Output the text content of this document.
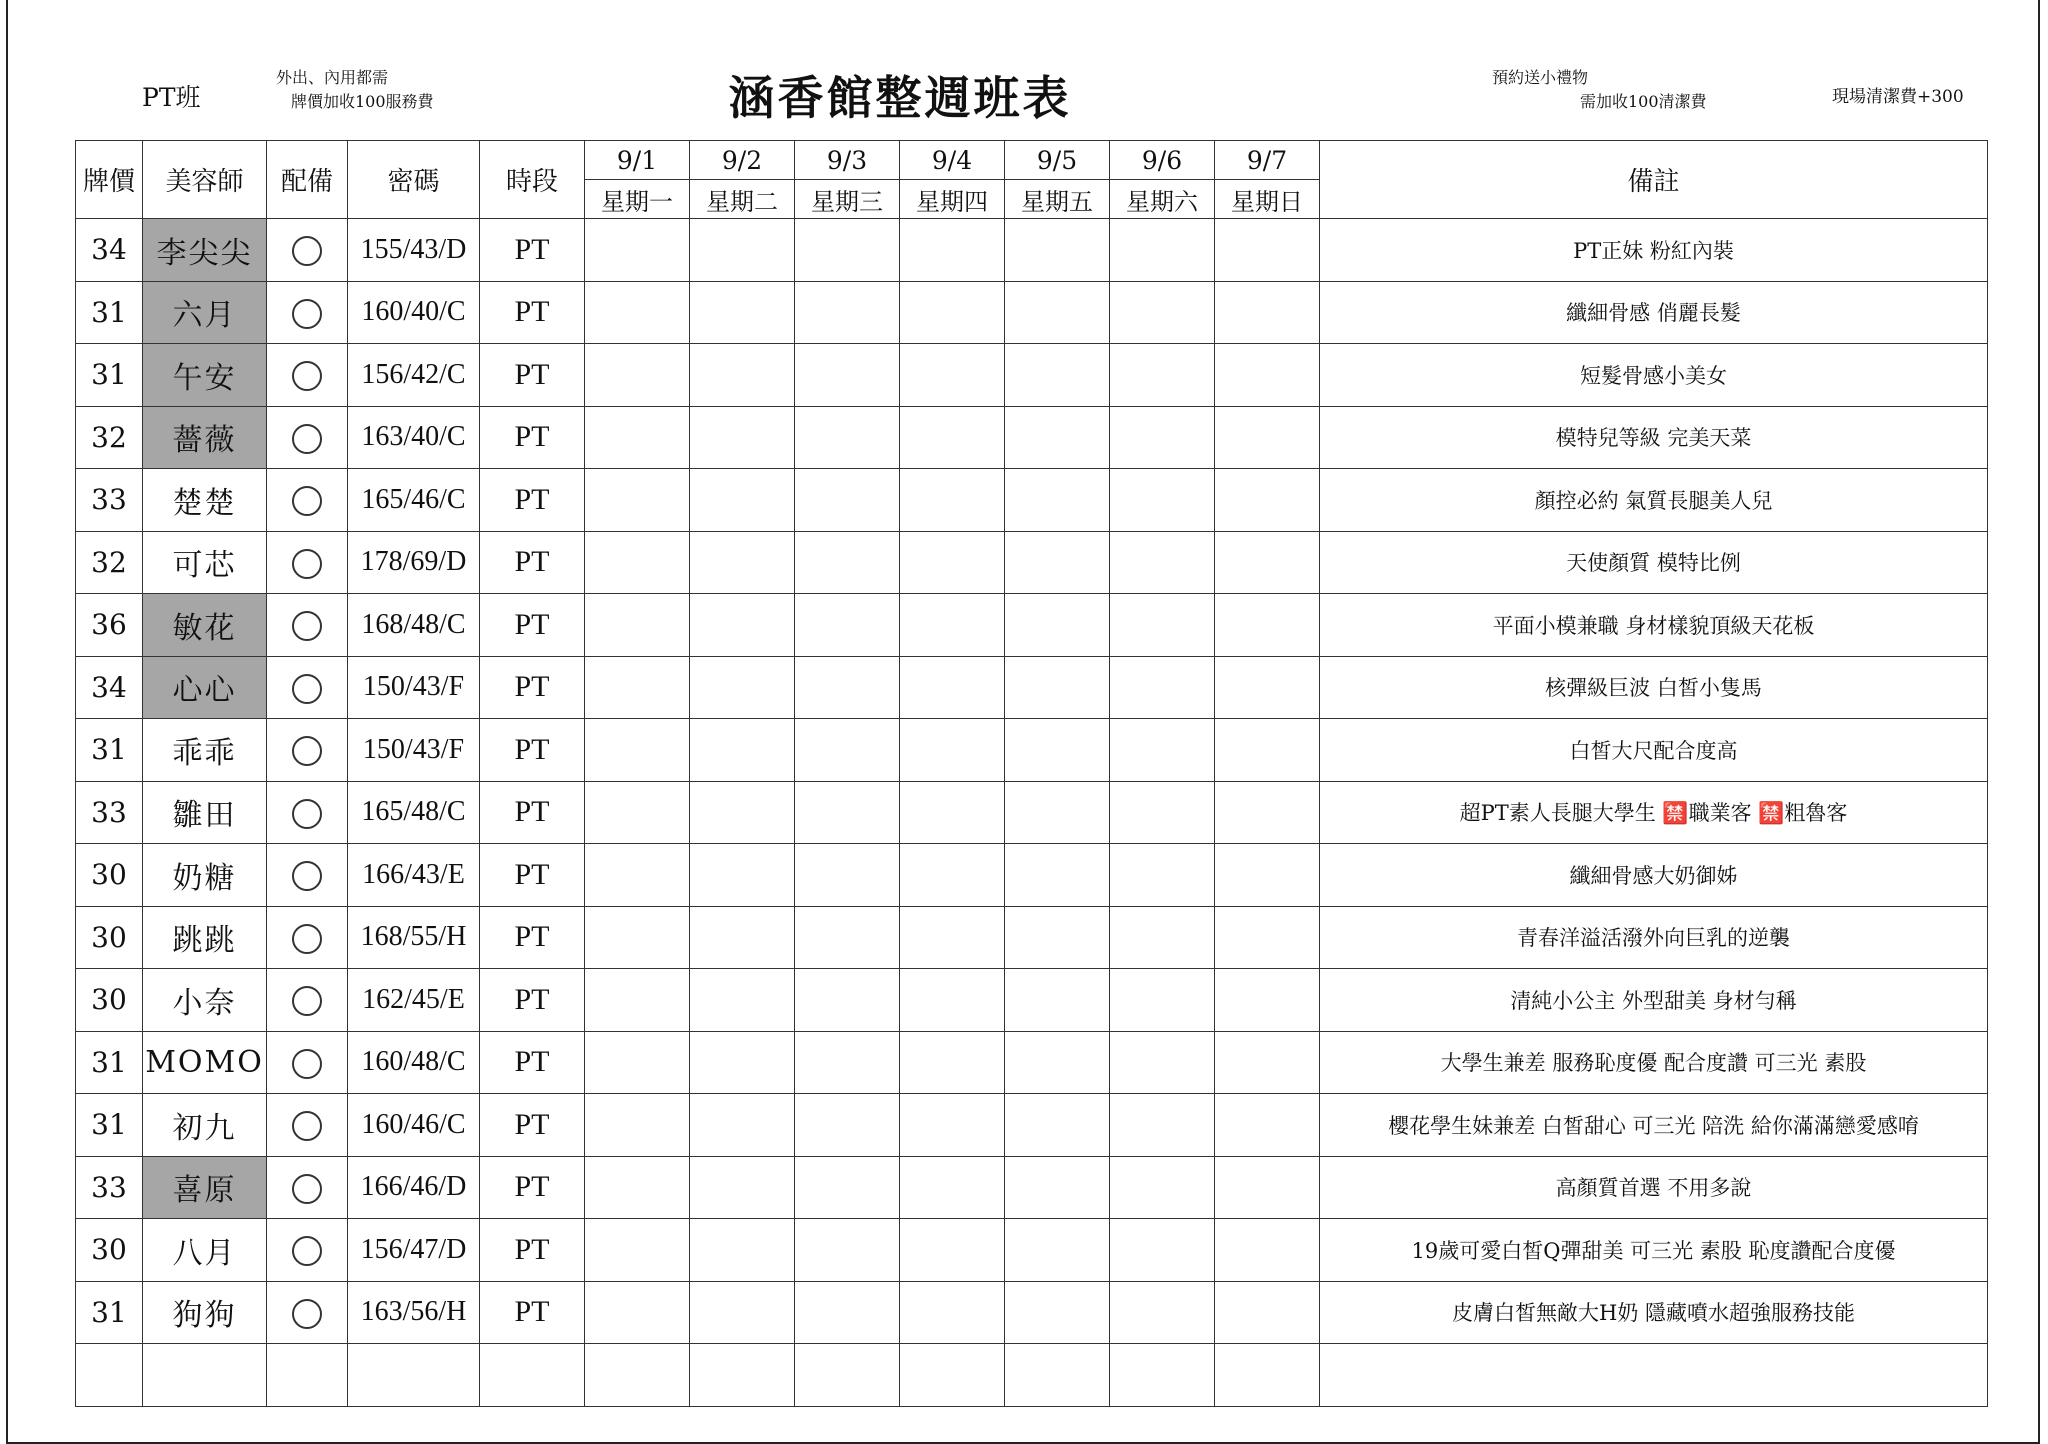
PT班
外出、內用都需
牌價加收100服務費	涵香館整週班表	預約送小禮物
需加收100清潔費	現場清潔費+300
牌價	美容師	配備	密碼	時段	9/1	9/2	9/3	9/4	9/5	9/6	9/7	備註
					星期一	星期二	星期三	星期四	星期五	星期六	星期日	
34	李尖尖		155/43/D	PT								PT正妹 粉紅內裝
31	六月		160/40/C	PT								纖細骨感 俏麗長髮
31	午安		156/42/C	PT								短髮骨感小美女
32	薔薇		163/40/C	PT								模特兒等級 完美天菜
33	楚楚		165/46/C	PT								顏控必約 氣質長腿美人兒
32	可芯		178/69/D	PT								天使顏質 模特比例
36	敏花		168/48/C	PT								平面小模兼職 身材樣貌頂級天花板
34	心心		150/43/F	PT								核彈級巨波 白皙小隻馬
31	乖乖		150/43/F	PT								白皙大尺配合度高
33	雛田		165/48/C	PT								超PT素人長腿大學生 🈲職業客 🈲粗魯客
30	奶糖		166/43/E	PT								纖細骨感大奶御姊
30	跳跳		168/55/H	PT								青春洋溢活潑外向巨乳的逆襲
30	小奈		162/45/E	PT								清純小公主 外型甜美 身材勻稱
31	MOMO		160/48/C	PT								大學生兼差 服務恥度優 配合度讚 可三光 素股
31	初九		160/46/C	PT								櫻花學生妹兼差 白皙甜心 可三光 陪洗 給你滿滿戀愛感唷
33	喜原		166/46/D	PT								高顏質首選 不用多說
30	八月		156/47/D	PT								19歲可愛白皙Q彈甜美 可三光 素股 恥度讚配合度優
31	狗狗		163/56/H	PT								皮膚白皙無敵大H奶 隱藏噴水超強服務技能
